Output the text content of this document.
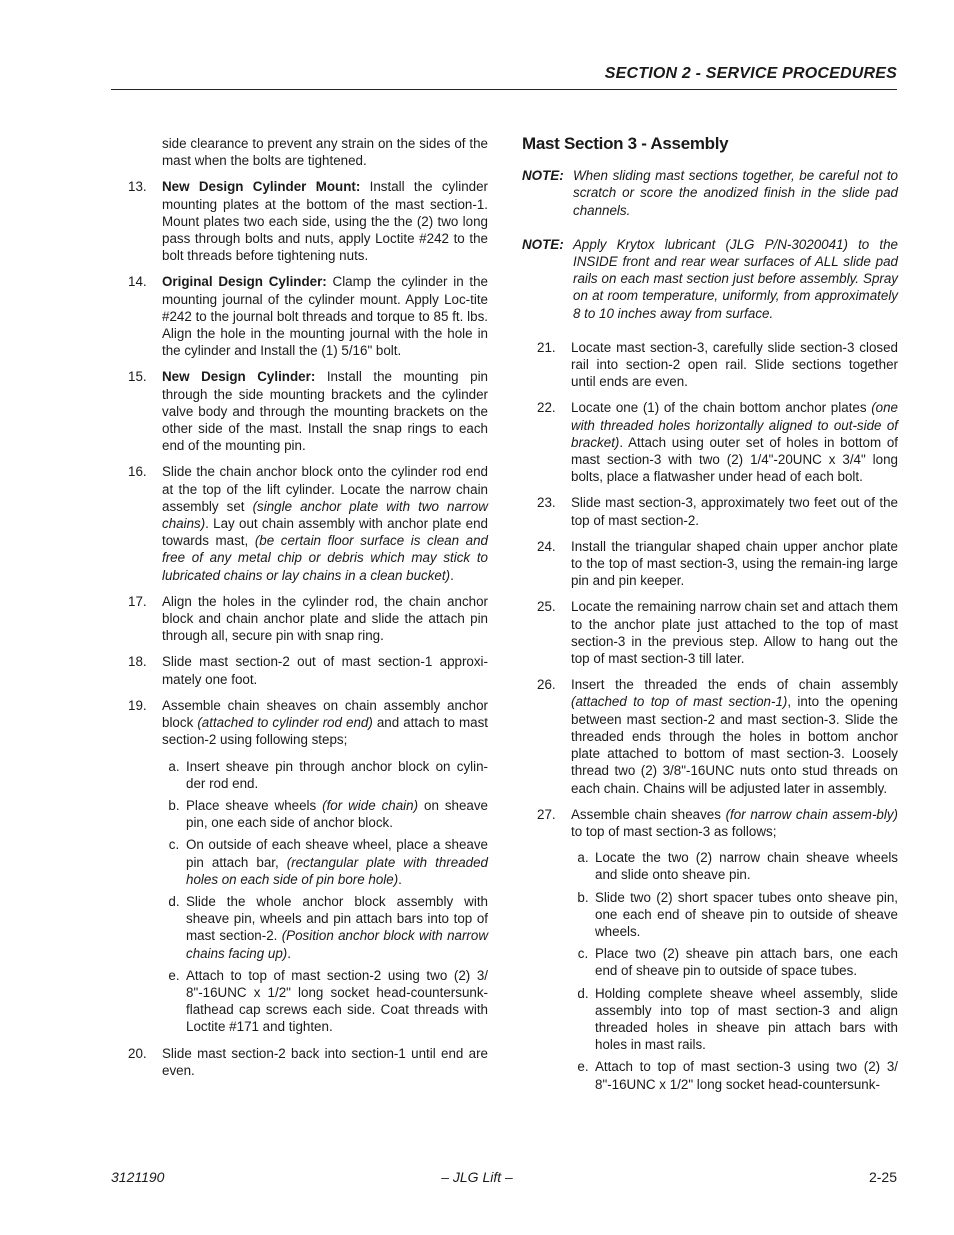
SECTION 2 - SERVICE PROCEDURES
side clearance to prevent any strain on the sides of the mast when the bolts are tightened.
13.	New Design Cylinder Mount: Install the cylinder mounting plates at the bottom of the mast section-1. Mount plates two each side, using the the (2) two long pass through bolts and nuts, apply Loctite #242 to the bolt threads before tightening nuts.
14.	Original Design Cylinder: Clamp the cylinder in the mounting journal of the cylinder mount. Apply Loc-tite #242 to the journal bolt threads and torque to 85 ft. lbs. Align the hole in the mounting journal with the hole in the cylinder and Install the (1) 5/16" bolt.
15.	New Design Cylinder: Install the mounting pin through the side mounting brackets and the cylinder valve body and through the mounting brackets on the other side of the mast. Install the snap rings to each end of the mounting pin.
16.	Slide the chain anchor block onto the cylinder rod end at the top of the lift cylinder. Locate the narrow chain assembly set (single anchor plate with two narrow chains). Lay out chain assembly with anchor plate end towards mast, (be certain floor surface is clean and free of any metal chip or debris which may stick to lubricated chains or lay chains in a clean bucket).
17.	Align the holes in the cylinder rod, the chain anchor block and chain anchor plate and slide the attach pin through all, secure pin with snap ring.
18.	Slide mast section-2 out of mast section-1 approxi-mately one foot.
19.	Assemble chain sheaves on chain assembly anchor block (attached to cylinder rod end) and attach to mast section-2 using following steps;
a. Insert sheave pin through anchor block on cylin-der rod end.
b. Place sheave wheels (for wide chain) on sheave pin, one each side of anchor block.
c. On outside of each sheave wheel, place a sheave pin attach bar, (rectangular plate with threaded holes on each side of pin bore hole).
d. Slide the whole anchor block assembly with sheave pin, wheels and pin attach bars into top of mast section-2. (Position anchor block with narrow chains facing up).
e. Attach to top of mast section-2 using two (2) 3/ 8"-16UNC x 1/2" long socket head-countersunk-flathead cap screws each side. Coat threads with Loctite #171 and tighten.
20.	Slide mast section-2 back into section-1 until end are even.
Mast Section 3 - Assembly
NOTE: When sliding mast sections together, be careful not to scratch or score the anodized finish in the slide pad channels.
NOTE: Apply Krytox lubricant (JLG P/N-3020041) to the INSIDE front and rear wear surfaces of ALL slide pad rails on each mast section just before assembly. Spray on at room temperature, uniformly, from approximately 8 to 10 inches away from surface.
21.	Locate mast section-3, carefully slide section-3 closed rail into section-2 open rail. Slide sections together until ends are even.
22.	Locate one (1) of the chain bottom anchor plates (one with threaded holes horizontally aligned to out-side of bracket). Attach using outer set of holes in bottom of mast section-3 with two (2) 1/4"-20UNC x 3/4" long bolts, place a flatwasher under head of each bolt.
23.	Slide mast section-3, approximately two feet out of the top of mast section-2.
24.	Install the triangular shaped chain upper anchor plate to the top of mast section-3, using the remain-ing large pin and pin keeper.
25.	Locate the remaining narrow chain set and attach them to the anchor plate just attached to the top of mast section-3 in the previous step. Allow to hang out the top of mast section-3 till later.
26.	Insert the threaded the ends of chain assembly (attached to top of mast section-1), into the opening between mast section-2 and mast section-3. Slide the threaded ends through the holes in bottom anchor plate attached to bottom of mast section-3. Loosely thread two (2) 3/8"-16UNC nuts onto stud threads on each chain. Chains will be adjusted later in assembly.
27.	Assemble chain sheaves (for narrow chain assem-bly) to top of mast section-3 as follows;
a. Locate the two (2) narrow chain sheave wheels and slide onto sheave pin.
b. Slide two (2) short spacer tubes onto sheave pin, one each end of sheave pin to outside of sheave wheels.
c. Place two (2) sheave pin attach bars, one each end of sheave pin to outside of space tubes.
d. Holding complete sheave wheel assembly, slide assembly into top of mast section-3 and align threaded holes in sheave pin attach bars with holes in mast rails.
e. Attach to top of mast section-3 using two (2) 3/ 8"-16UNC x 1/2" long socket head-countersunk-
3121190	– JLG Lift –	2-25
